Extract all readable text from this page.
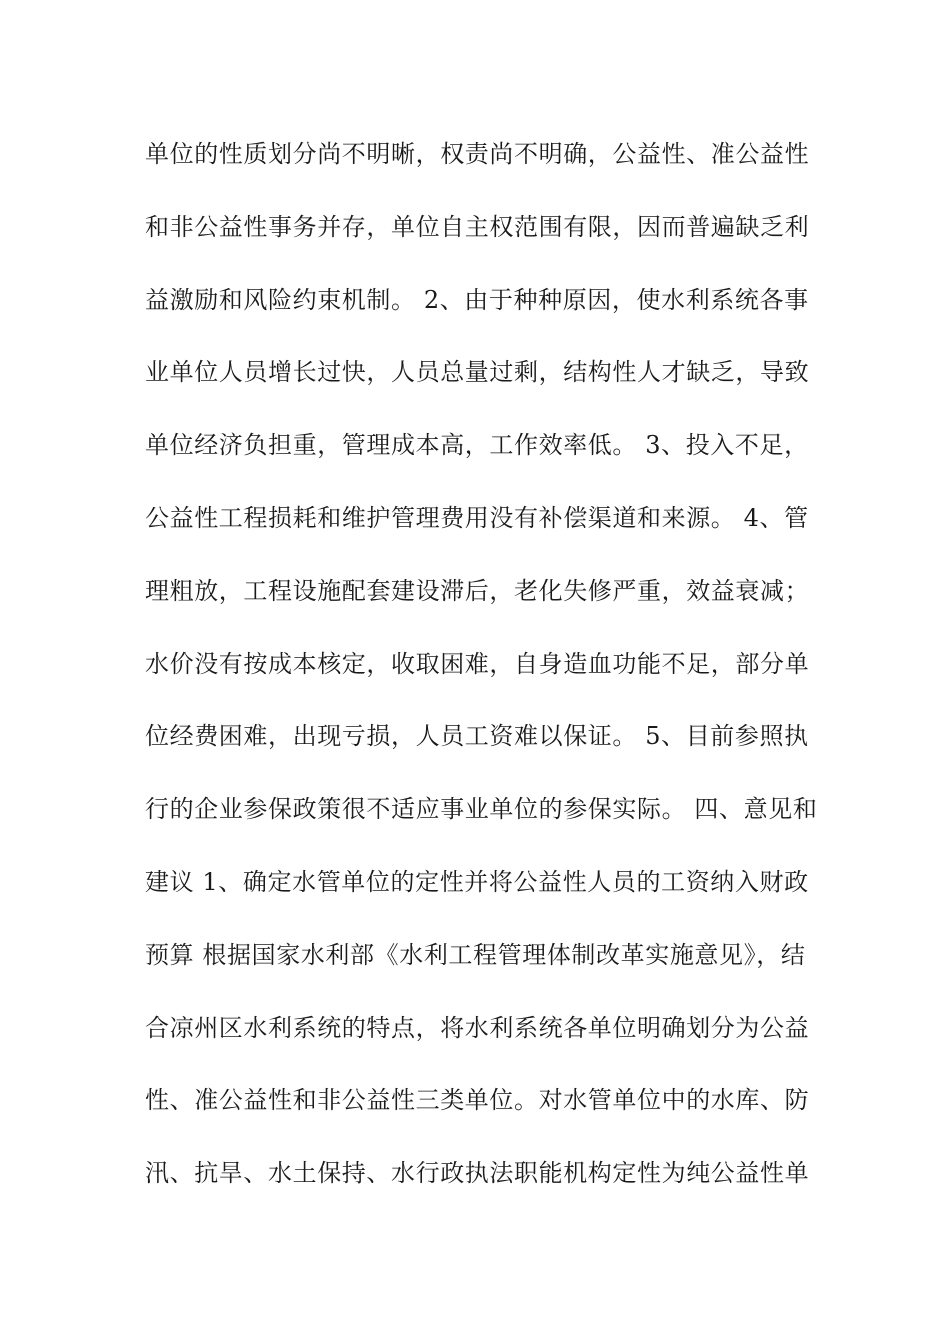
单位的性质划分尚不明晰，权责尚不明确，公益性、准公益性
和非公益性事务并存，单位自主权范围有限，因而普遍缺乏利
益激励和风险约束机制。 2、由于种种原因，使水利系统各事
业单位人员增长过快，人员总量过剩，结构性人才缺乏，导致
单位经济负担重，管理成本高，工作效率低。 3、投入不足，
公益性工程损耗和维护管理费用没有补偿渠道和来源。 4、管
理粗放，工程设施配套建设滞后，老化失修严重，效益衰减；
水价没有按成本核定，收取困难，自身造血功能不足，部分单
位经费困难，出现亏损，人员工资难以保证。 5、目前参照执
行的企业参保政策很不适应事业单位的参保实际。 四、意见和
建议 1、确定水管单位的定性并将公益性人员的工资纳入财政
预算 根据国家水利部《水利工程管理体制改革实施意见》，结
合凉州区水利系统的特点，将水利系统各单位明确划分为公益
性、准公益性和非公益性三类单位。对水管单位中的水库、防
汛、抗旱、水土保持、水行政执法职能机构定性为纯公益性单
